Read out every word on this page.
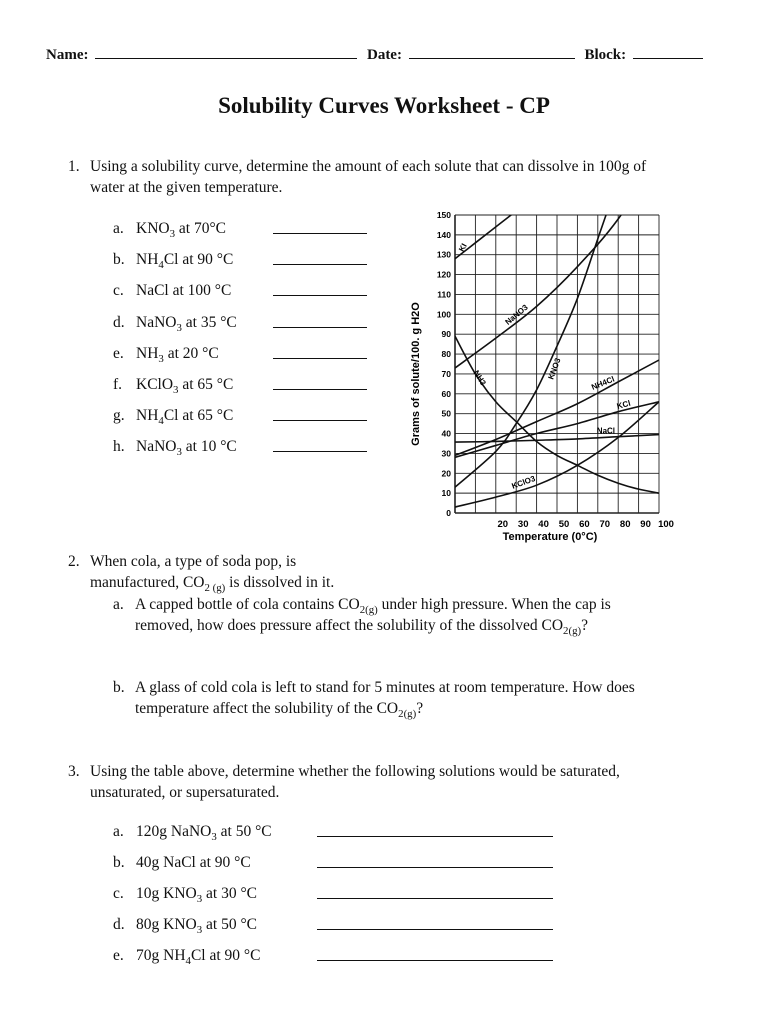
Name:	Date:	Block:
Solubility Curves Worksheet - CP
1. Using a solubility curve, determine the amount of each solute that can dissolve in 100g of
water at the given temperature.
a. $KNO_3$ at 70°C
b. $NH_4Cl$ at 90 °C
c. NaCl at 100 °C
d. NaNO$_3$ at 35 °C
e. $NH_3$ at 20 °C
f. KClO$_3$ at 65 °C
g. $NH_4Cl$ at 65 °C
h. NaNO$_3$ at 10 °C
0
10
20
30
40
50
60
70
80
90
100
110
120
130
140
150
20 30 40 50 60 70 80 90 100
Grams of solute/100. g H2O
Temperature (0°C)
KI
NaNO3
KNO3
NH3	NH4Cl
KCl
NaCl
KClO3
2. When cola, a type of soda pop, is
manufactured, $CO_{2 (g)}$ is dissolved in it.
a. A capped bottle of cola contains $CO_{2(g)}$ under high pressure. When the cap is
removed, how does pressure affect the solubility of the dissolved $CO_{2(g)}$?
b. A glass of cold cola is left to stand for 5 minutes at room temperature. How does
temperature affect the solubility of the $CO_{2(g)}$?
3. Using the table above, determine whether the following solutions would be saturated,
unsaturated, or supersaturated.
a. 120g NaNO$_3$ at 50 °C
b. 40g NaCl at 90 °C
c. 10g $KNO_3$ at 30 °C
d. 80g $KNO_3$ at 50 °C
e. 70g $NH_4Cl$ at 90 °C
